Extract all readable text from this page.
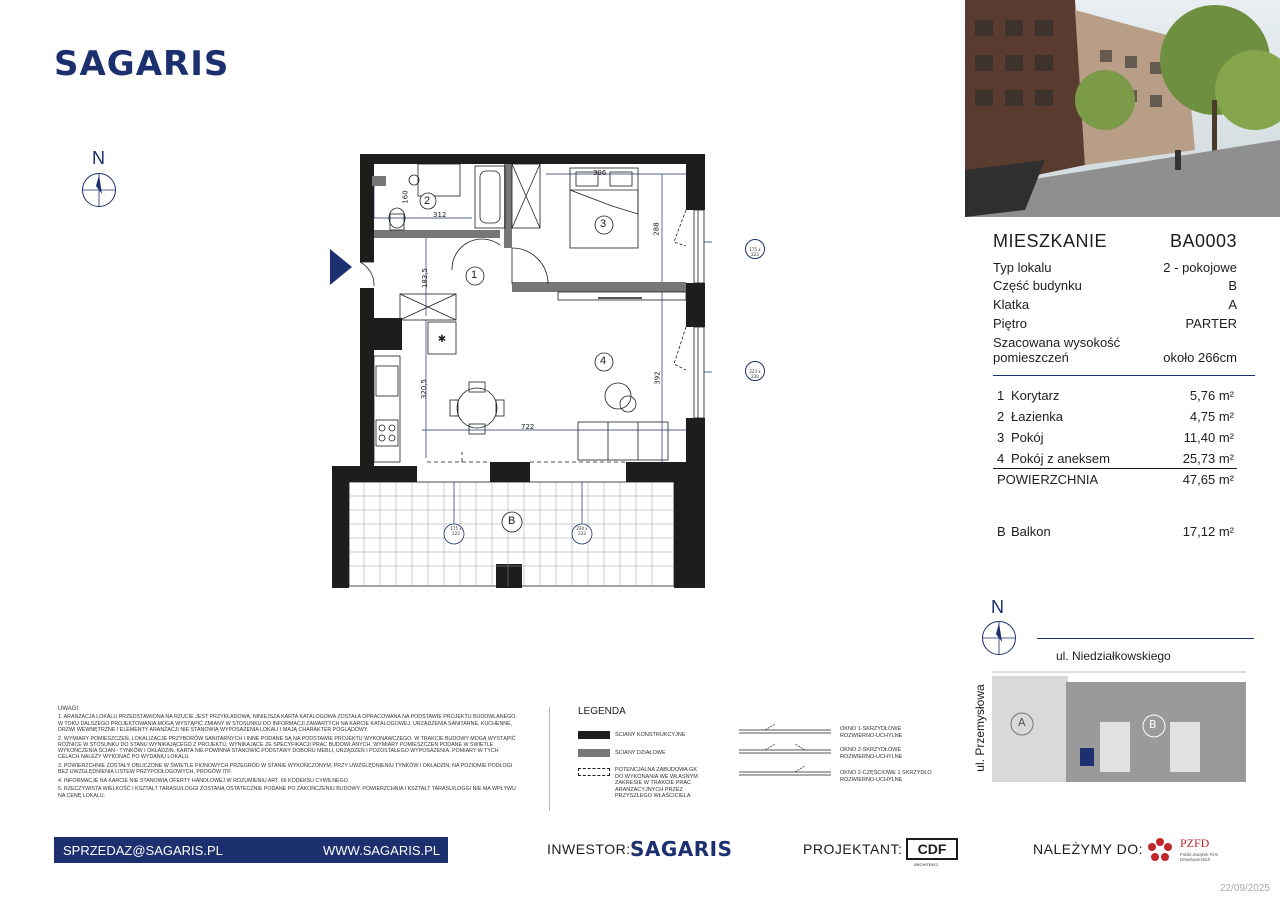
SAGARIS
N
✱
2
1
3
4
B
396
288
312
160
183,5
320,5
392
722
175 x 223
223 x 220
175 x 223
230 x 233
MIESZKANIE	BA0003
Typ lokalu	2 - pokojowe
Część budynku	B
Klatka	A
Piętro	PARTER
Szacowana wysokość pomieszczeń	około 266cm
1 Korytarz	5,76 m²
2 Łazienka	4,75 m²
3 Pokój	11,40 m²
4 Pokój z aneksem	25,73 m²
POWIERZCHNIA	47,65 m²
B Balkon	17,12 m²
N
ul. Niedziałkowskiego
ul. Przemysłowa	A	B

UWAGI

1. ARANŻACJA LOKALU PRZEDSTAWIONA NA RZUCIE JEST PRZYKŁADOWA, NINIEJSZA KARTA KATALOGOWA ZOSTAŁA OPRACOWANA NA PODSTAWIE PROJEKTU BUDOWLANEGO. W TOKU DALSZEGO PROJEKTOWANIA MOGĄ WYSTĄPIĆ ZMIANY W STOSUNKU DO INFORMACJI ZAWARTYCH NA KARCIE KATALOGOWEJ. URZĄDZENIA SANITARNE, KUCHENNE, DRZWI WEWNĘTRZNE I ELEMENTY ARANŻACJI NIE STANOWIĄ WYPOSAŻENIA LOKALI I MAJĄ CHARAKTER POGLĄDOWY.

2. WYMIARY POMIESZCZEŃ, LOKALIZACJE PRZYBORÓW SANITARNYCH I INNE PODANE SĄ NA PODSTAWIE PROJEKTU WYKONAWCZEGO. W TRAKCIE BUDOWY MOGĄ WYSTĄPIĆ RÓŻNICE W STOSUNKU DO STANU WYNIKAJĄCEGO Z PROJEKTU, WYNIKAJĄCE ZE SPECYFIKACJI PRAC BUDOWLANYCH. WYMIARY POMIESZCZEŃ PODANE W ŚWIETLE WYKOŃCZENIA ŚCIAN - TYNKÓW I OKŁADZIN. KARTA NIE POWINNA STANOWIĆ PODSTAWY DOBORU MEBLI, URZĄDZEŃ I POZOSTAŁEGO WYPOSAŻENIA. POMIARY W TYCH CELACH NALEŻY WYKONAĆ PO WYDANIU LOKALU.

3. POWIERZCHNIE ZOSTAŁY OBLICZONE W ŚWIETLE PIONOWYCH PRZEGRÓD W STANIE WYKOŃCZONYM, PRZY UWZGLĘDNIENIU TYNKÓW I OKŁADZIN, NA POZIOMIE PODŁOGI BEZ UWZGLĘDNIENIA LISTEW PRZYPODŁOGOWYCH, PROGÓW ITP.

4. INFORMACJE NA KARCIE NIE STANOWIĄ OFERTY HANDLOWEJ W ROZUMIENIU ART. 66 KODEKSU CYWILNEGO.

5. RZECZYWISTA WIELKOŚĆ I KSZTAŁT TARASU/LOGGI ZOSTANĄ OSTATECZNIE PODANE PO ZAKOŃCZENIU BUDOWY. POWIERZCHNIA I KSZTAŁT TARASU/LOGGI NIE MA WPŁYWU NA CENĘ LOKALU.

LEGENDA
ŚCIANY KONSTRUKCYJNE
ŚCIANY DZIAŁOWE
POTENCJALNA ZABUDOWA GK DO WYKONANIA WE WŁASNYM ZAKRESIE W TRAKCIE PRAC ARANŻACYJNYCH PRZEZ PRZYSZŁEGO WŁAŚCICIELA
OKNO 1-SKRZYDŁOWE ROZWIERNO-UCHYLNE
OKNO 2-SKRZYDŁOWE ROZWIERNO-UCHYLNE
OKNO 2-CZĘŚCIOWE 1 SKRZYDŁO ROZWIERNO-UCHYLNE
SPRZEDAZ@SAGARIS.PL	WWW.SAGARIS.PL	INWESTOR: SAGARIS	PROJEKTANT:	CDF
ARCHITEKCI
NALEŻYMY DO:	PZFD
Polski Związek Firm Deweloperskich
22/09/2025
